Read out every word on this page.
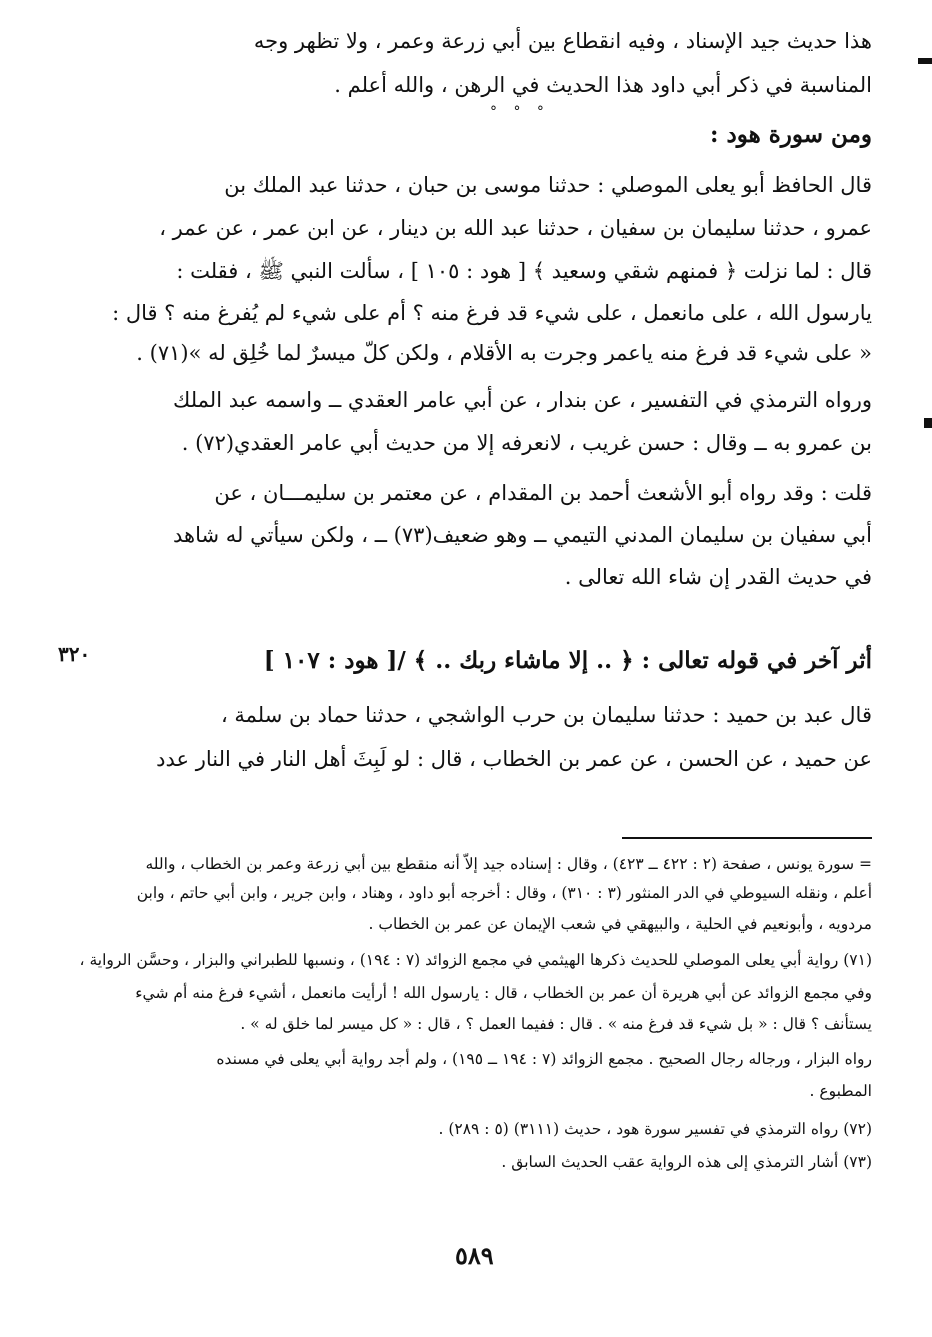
هذا حديث جيد الإسناد ، وفيه انقطاع بين أبي زرعة وعمر ، ولا تظهر وجه
المناسبة في ذكر أبي داود هذا الحديث في الرهن ، والله أعلم .
° ° °
ومن سورة هود :
قال الحافظ أبو يعلى الموصلي : حدثنا موسى بن حبان ، حدثنا عبد الملك بن
عمرو ، حدثنا سليمان بن سفيان ، حدثنا عبد الله بن دينار ، عن ابن عمر ، عن عمر ،
قال : لما نزلت ﴿ فمنهم شقي وسعيد ﴾ [ هود : ١٠٥ ] ، سألت النبي ﷺ ، فقلت :
يارسول الله ، على مانعمل ، على شيء قد فرغ منه ؟ أم على شيء لم يُفرغ منه ؟ قال :
« على شيء قد فرغ منه ياعمر وجرت به الأقلام ، ولكن كلّ ميسرٌ لما خُلِق له »(٧١) .
ورواه الترمذي في التفسير ، عن بندار ، عن أبي عامر العقدي ــ واسمه عبد الملك
بن عمرو به ــ وقال : حسن غريب ، لانعرفه إلا من حديث أبي عامر العقدي(٧٢) .
قلت : وقد رواه أبو الأشعث أحمد بن المقدام ، عن معتمر بن سليمـــان ، عن
أبي سفيان بن سليمان المدني التيمي ــ وهو ضعيف(٧٣) ــ ، ولكن سيأتي له شاهد
في حديث القدر إن شاء الله تعالى .
٣٢٠	أثر آخر في قوله تعالى : ﴿ .. إلا ماشاء ربك .. ﴾ /[ هود : ١٠٧ ]
قال عبد بن حميد : حدثنا سليمان بن حرب الواشجي ، حدثنا حماد بن سلمة ،
عن حميد ، عن الحسن ، عن عمر بن الخطاب ، قال : لو لَبِثَ أهل النار في النار عدد
= سورة يونس ، صفحة (٢ : ٤٢٢ ــ ٤٢٣) ، وقال : إسناده جيد إلاّ أنه منقطع بين أبي زرعة وعمر بن الخطاب ، والله
أعلم ، ونقله السيوطي في الدر المنثور (٣ : ٣١٠) ، وقال : أخرجه أبو داود ، وهناد ، وابن جرير ، وابن أبي حاتم ، وابن
مردويه ، وأبونعيم في الحلية ، والبيهقي في شعب الإيمان عن عمر بن الخطاب .
(٧١) رواية أبي يعلى الموصلي للحديث ذكرها الهيثمي في مجمع الزوائد (٧ : ١٩٤) ، ونسبها للطبراني والبزار ، وحسَّن الرواية ،
وفي مجمع الزوائد عن أبي هريرة أن عمر بن الخطاب ، قال : يارسول الله ! أرأيت مانعمل ، أشيء فرغ منه أم شيء
يستأنف ؟ قال : « بل شيء قد فرغ منه » . قال : ففيما العمل ؟ ، قال : « كل ميسر لما خلق له » .
رواه البزار ، ورجاله رجال الصحيح . مجمع الزوائد (٧ : ١٩٤ ــ ١٩٥) ، ولم أجد رواية أبي يعلى في مسنده
المطبوع .
(٧٢) رواه الترمذي في تفسير سورة هود ، حديث (٣١١١) (٥ : ٢٨٩) .
(٧٣) أشار الترمذي إلى هذه الرواية عقب الحديث السابق .
٥٨٩
